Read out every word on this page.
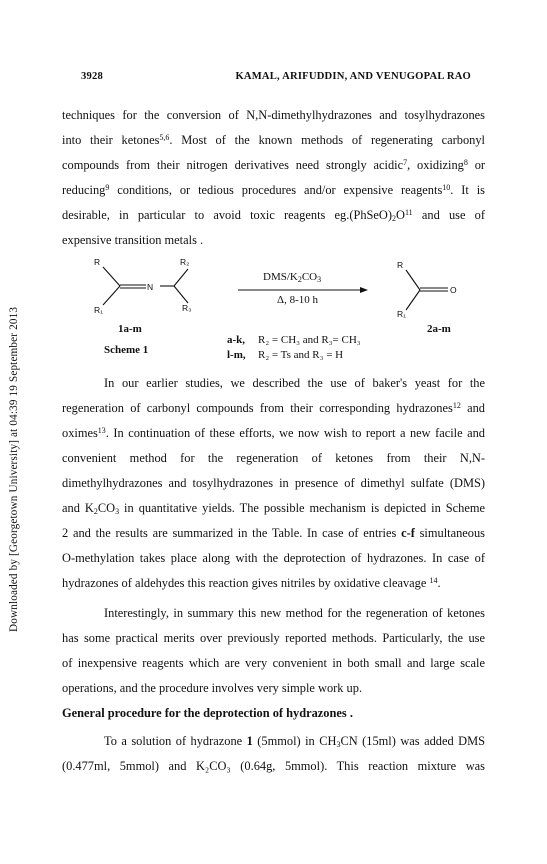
Downloaded by [Georgetown University] at 04:39 19 September 2013
3928	KAMAL, ARIFUDDIN, AND VENUGOPAL RAO
techniques for the conversion of N,N-dimethylhydrazones and tosylhydrazones
into their ketones$^{5,6}$. Most of the known methods of regenerating carbonyl
compounds from their nitrogen derivatives need strongly acidic$^7$, oxidizing$^8$ or
reducing$^9$ conditions, or tedious procedures and/or expensive reagents$^{10}$. It is
desirable, in particular to avoid toxic reagents $eg.(PhSeO)_2O^{11}$ and use of
expensive transition metals .
R	R₂
N
R₁	R₃
R
R₁
O
DMS/$K_2CO_3$
Δ, 8-10 h
1a-m	2a-m
a-k, R₂ = CH₃ and R₃= CH₃
Scheme 1	l-m, R₂ = Ts and R₃ = H
In our earlier studies, we described the use of baker's yeast for the
regeneration of carbonyl compounds from their corresponding hydrazones$^{12}$ and
oximes$^{13}$. In continuation of these efforts, we now wish to report a new facile and
convenient method for the regeneration of ketones from their N,N-
dimethylhydrazones and tosylhydrazones in presence of dimethyl sulfate (DMS)
and $K_2CO_3$ in quantitative yields. The possible mechanism is depicted in Scheme
2 and the results are summarized in the Table. In case of entries c-f simultaneous
O-methylation takes place along with the deprotection of hydrazones. In case of
hydrazones of aldehydes this reaction gives nitriles by oxidative cleavage $^{14}$.
Interestingly, in summary this new method for the regeneration of ketones
has some practical merits over previously reported methods. Particularly, the use
of inexpensive reagents which are very convenient in both small and large scale
operations, and the procedure involves very simple work up.
General procedure for the deprotection of hydrazones .
To a solution of hydrazone 1 (5mmol) in $CH_3CN$ (15ml) was added DMS
(0.477ml, 5mmol) and K₂CO₃ (0.64g, 5mmol). This reaction mixture was
